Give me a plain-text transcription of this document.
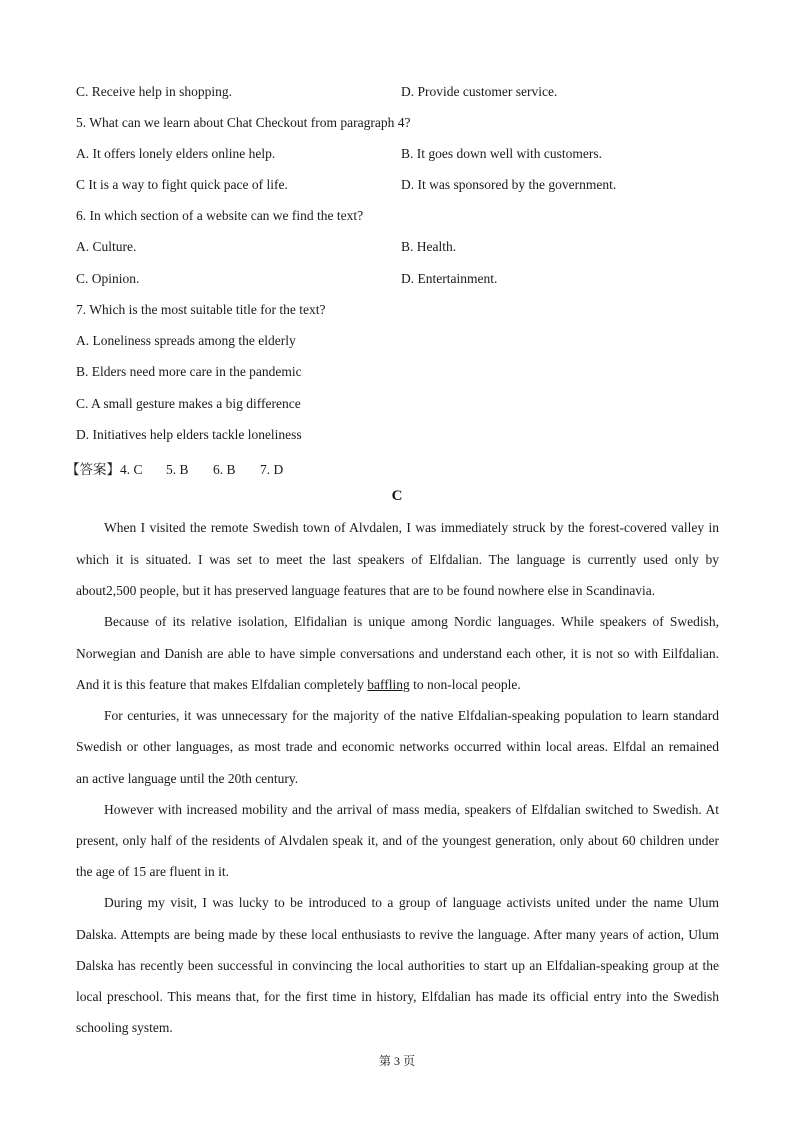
C. Receive help in shopping.	D. Provide customer service.
5. What can we learn about Chat Checkout from paragraph 4?
A. It offers lonely elders online help.	B. It goes down well with customers.
C It is a way to fight quick pace of life.	D. It was sponsored by the government.
6. In which section of a website can we find the text?
A. Culture.	B. Health.
C. Opinion.	D. Entertainment.
7. Which is the most suitable title for the text?
A. Loneliness spreads among the elderly
B. Elders need more care in the pandemic
C. A small gesture makes a big difference
D. Initiatives help elders tackle loneliness
【答案】4. C 5. B 6. B 7. D
C
When I visited the remote Swedish town of Alvdalen, I was immediately struck by the forest-covered valley in
which it is situated. I was set to meet the last speakers of Elfdalian. The language is currently used only by
about2,500 people, but it has preserved language features that are to be found nowhere else in Scandinavia.
Because of its relative isolation, Elfidalian is unique among Nordic languages. While speakers of Swedish,
Norwegian and Danish are able to have simple conversations and understand each other, it is not so with Eilfdalian.
And it is this feature that makes Elfdalian completely baffling to non-local people.
For centuries, it was unnecessary for the majority of the native Elfdalian-speaking population to learn standard
Swedish or other languages, as most trade and economic networks occurred within local areas. Elfdal an remained
an active language until the 20th century.
However with increased mobility and the arrival of mass media, speakers of Elfdalian switched to Swedish. At
present, only half of the residents of Alvdalen speak it, and of the youngest generation, only about 60 children under
the age of 15 are fluent in it.
During my visit, I was lucky to be introduced to a group of language activists united under the name Ulum
Dalska. Attempts are being made by these local enthusiasts to revive the language. After many years of action, Ulum
Dalska has recently been successful in convincing the local authorities to start up an Elfdalian-speaking group at the
local preschool. This means that, for the first time in history, Elfdalian has made its official entry into the Swedish
schooling system.
第 3 页
